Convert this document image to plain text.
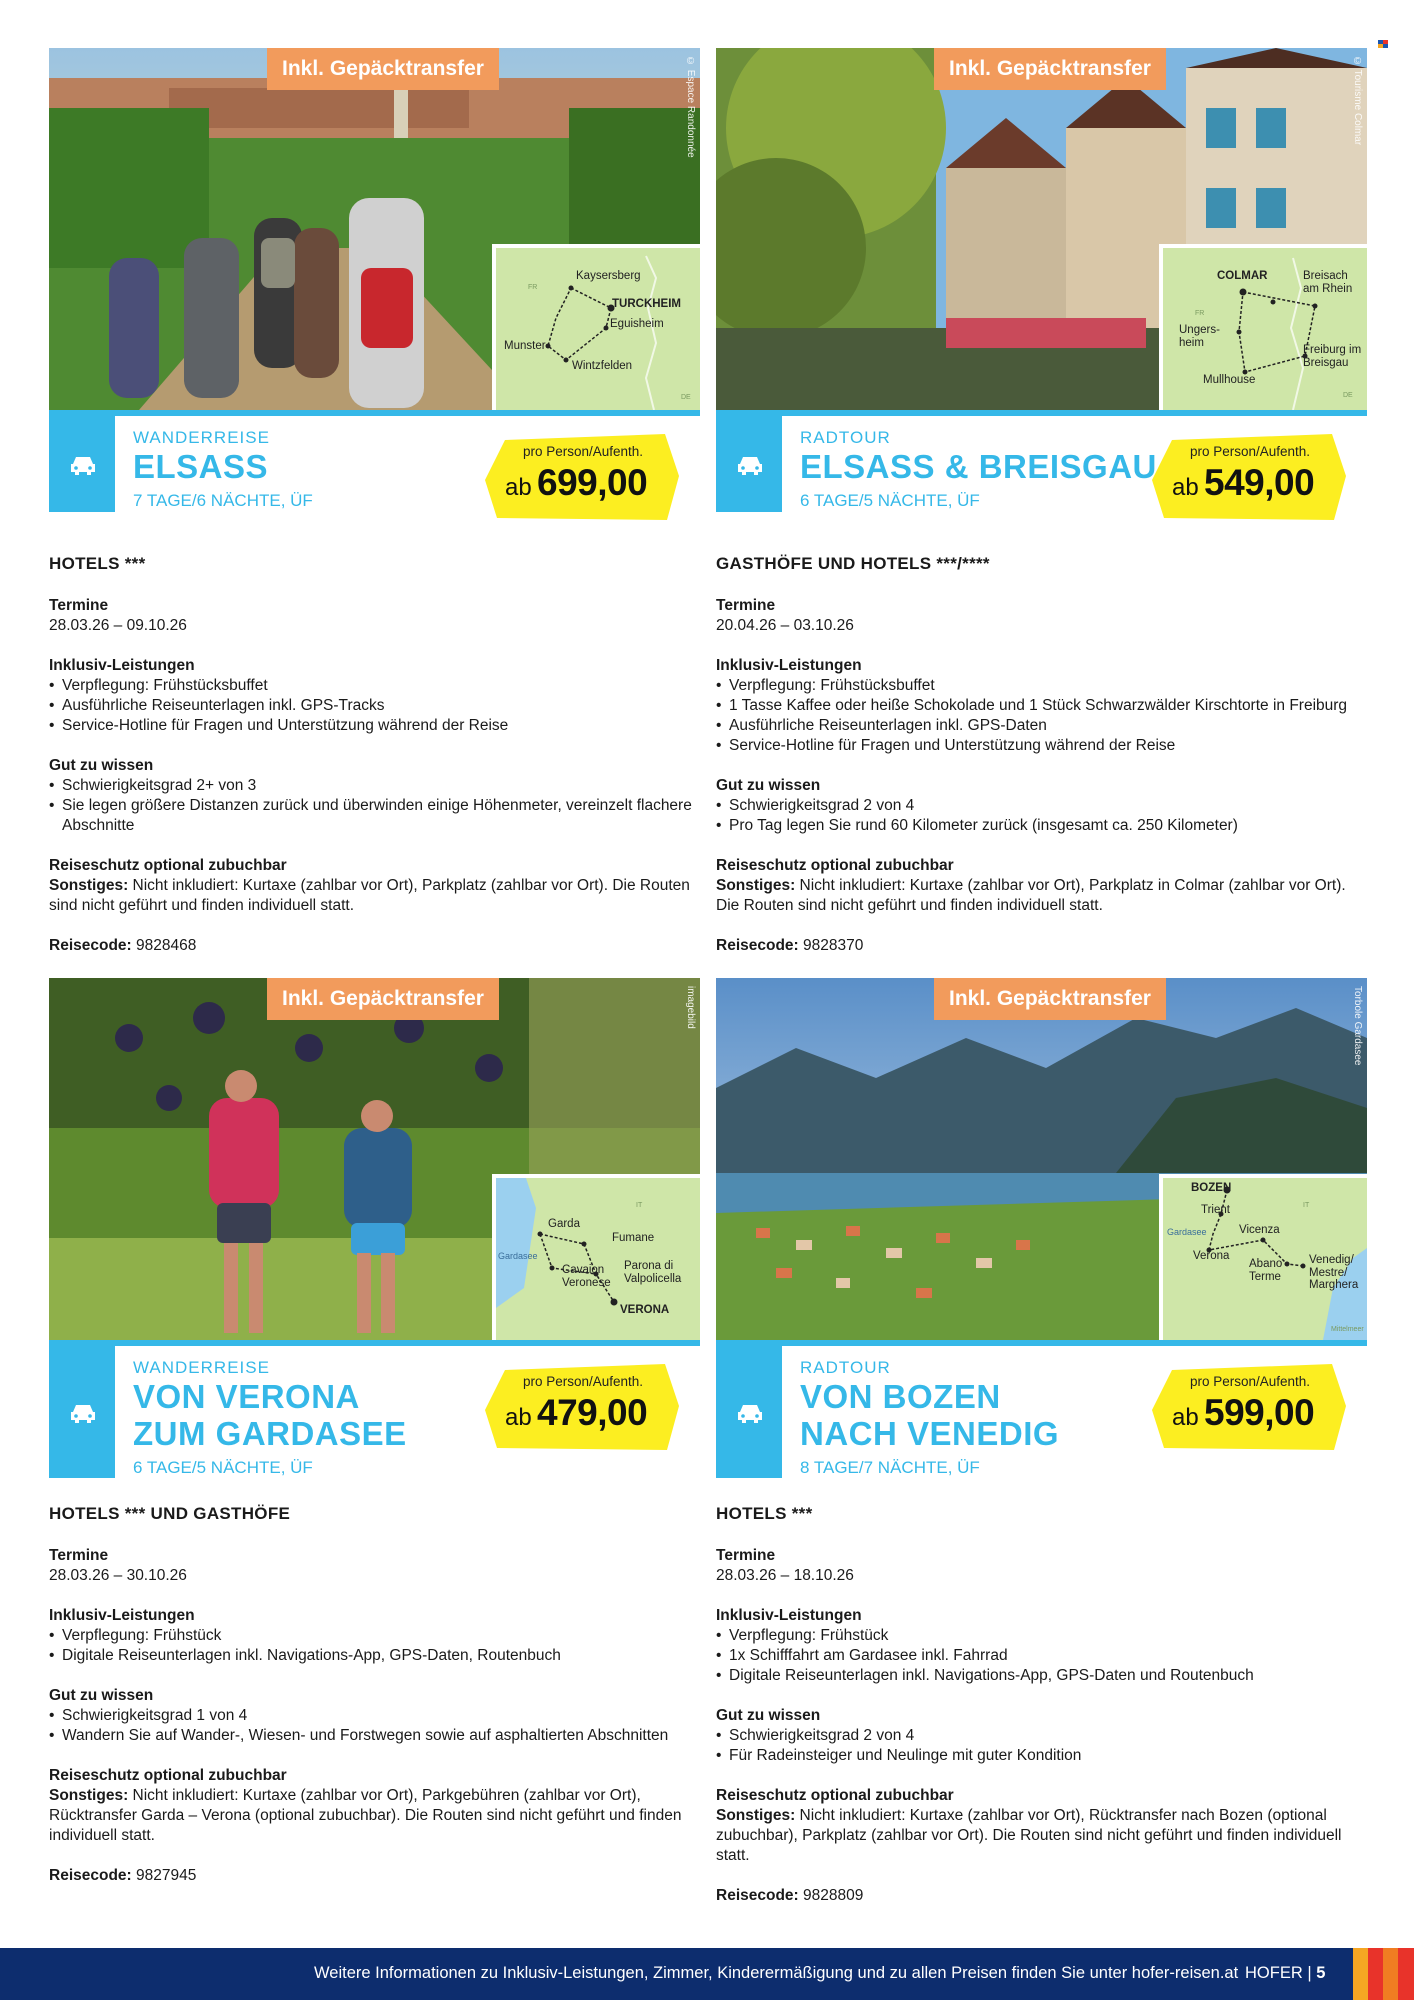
Inkl. Gepäcktransfer	© Espace Randonnée
FR
DE
Kaysersberg
TURCKHEIM
Eguisheim
Munster
Wintzfelden
WANDERREISE
ELSASS
7 TAGE/6 NÄCHTE, ÜF
pro Person/Aufenth.
ab 699,00
HOTELS ***
Termine
28.03.26 – 09.10.26
Inklusiv-Leistungen
• Verpflegung: Frühstücksbuffet
• Ausführliche Reiseunterlagen inkl. GPS-Tracks
• Service-Hotline für Fragen und Unterstützung während der Reise
Gut zu wissen
• Schwierigkeitsgrad 2+ von 3
• Sie legen größere Distanzen zurück und überwinden einige Höhenmeter, vereinzelt flachere Abschnitte
Reiseschutz optional zubuchbar
Sonstiges: Nicht inkludiert: Kurtaxe (zahlbar vor Ort), Parkplatz (zahlbar vor Ort). Die Routen sind nicht geführt und finden individuell statt.
Reisecode: 9828468
Inkl. Gepäcktransfer	© Tourisme Colmar
FR
DE
COLMAR	Breisach am Rhein
Ungers-heim
Freiburg im Breisgau
Mullhouse
RADTOUR
ELSASS & BREISGAU
6 TAGE/5 NÄCHTE, ÜF
pro Person/Aufenth.
ab 549,00
GASTHÖFE UND HOTELS ***/****
Termine
20.04.26 – 03.10.26
Inklusiv-Leistungen
• Verpflegung: Frühstücksbuffet
• 1 Tasse Kaffee oder heiße Schokolade und 1 Stück Schwarzwälder Kirschtorte in Freiburg
• Ausführliche Reiseunterlagen inkl. GPS-Daten
• Service-Hotline für Fragen und Unterstützung während der Reise
Gut zu wissen
• Schwierigkeitsgrad 2 von 4
• Pro Tag legen Sie rund 60 Kilometer zurück (insgesamt ca. 250 Kilometer)
Reiseschutz optional zubuchbar
Sonstiges: Nicht inkludiert: Kurtaxe (zahlbar vor Ort), Parkplatz in Colmar (zahlbar vor Ort). Die Routen sind nicht geführt und finden individuell statt.
Reisecode: 9828370
Inkl. Gepäcktransfer	imagebild
IT
Garda
Fumane
Gardasee
Cavaion Veronese
Parona di Valpolicella
VERONA
WANDERREISE
VON VERONA
ZUM GARDASEE
6 TAGE/5 NÄCHTE, ÜF
pro Person/Aufenth.
ab 479,00
HOTELS *** UND GASTHÖFE
Termine
28.03.26 – 30.10.26
Inklusiv-Leistungen
• Verpflegung: Frühstück
• Digitale Reiseunterlagen inkl. Navigations-App, GPS-Daten, Routenbuch
Gut zu wissen
• Schwierigkeitsgrad 1 von 4
• Wandern Sie auf Wander-, Wiesen- und Forstwegen sowie auf asphaltierten Abschnitten
Reiseschutz optional zubuchbar
Sonstiges: Nicht inkludiert: Kurtaxe (zahlbar vor Ort), Parkgebühren (zahlbar vor Ort), Rücktransfer Garda – Verona (optional zubuchbar). Die Routen sind nicht geführt und finden individuell statt.
Reisecode: 9827945
Inkl. Gepäcktransfer	Torbole Gardasee
IT
Mittelmeer
BOZEN
Trient
Gardasee	Vicenza
Verona
Abano Terme
Venedig/ Mestre/ Marghera
RADTOUR
VON BOZEN
NACH VENEDIG
8 TAGE/7 NÄCHTE, ÜF
pro Person/Aufenth.
ab 599,00
HOTELS ***
Termine
28.03.26 – 18.10.26
Inklusiv-Leistungen
• Verpflegung: Frühstück
• 1x Schifffahrt am Gardasee inkl. Fahrrad
• Digitale Reiseunterlagen inkl. Navigations-App, GPS-Daten und Routenbuch
Gut zu wissen
• Schwierigkeitsgrad 2 von 4
• Für Radeinsteiger und Neulinge mit guter Kondition
Reiseschutz optional zubuchbar
Sonstiges: Nicht inkludiert: Kurtaxe (zahlbar vor Ort), Rücktransfer nach Bozen (optional zubuchbar), Parkplatz (zahlbar vor Ort). Die Routen sind nicht geführt und finden individuell statt.
Reisecode: 9828809
Weitere Informationen zu Inklusiv-Leistungen, Zimmer, Kinderermäßigung und zu allen Preisen finden Sie unter hofer-reisen.at HOFER | 5
